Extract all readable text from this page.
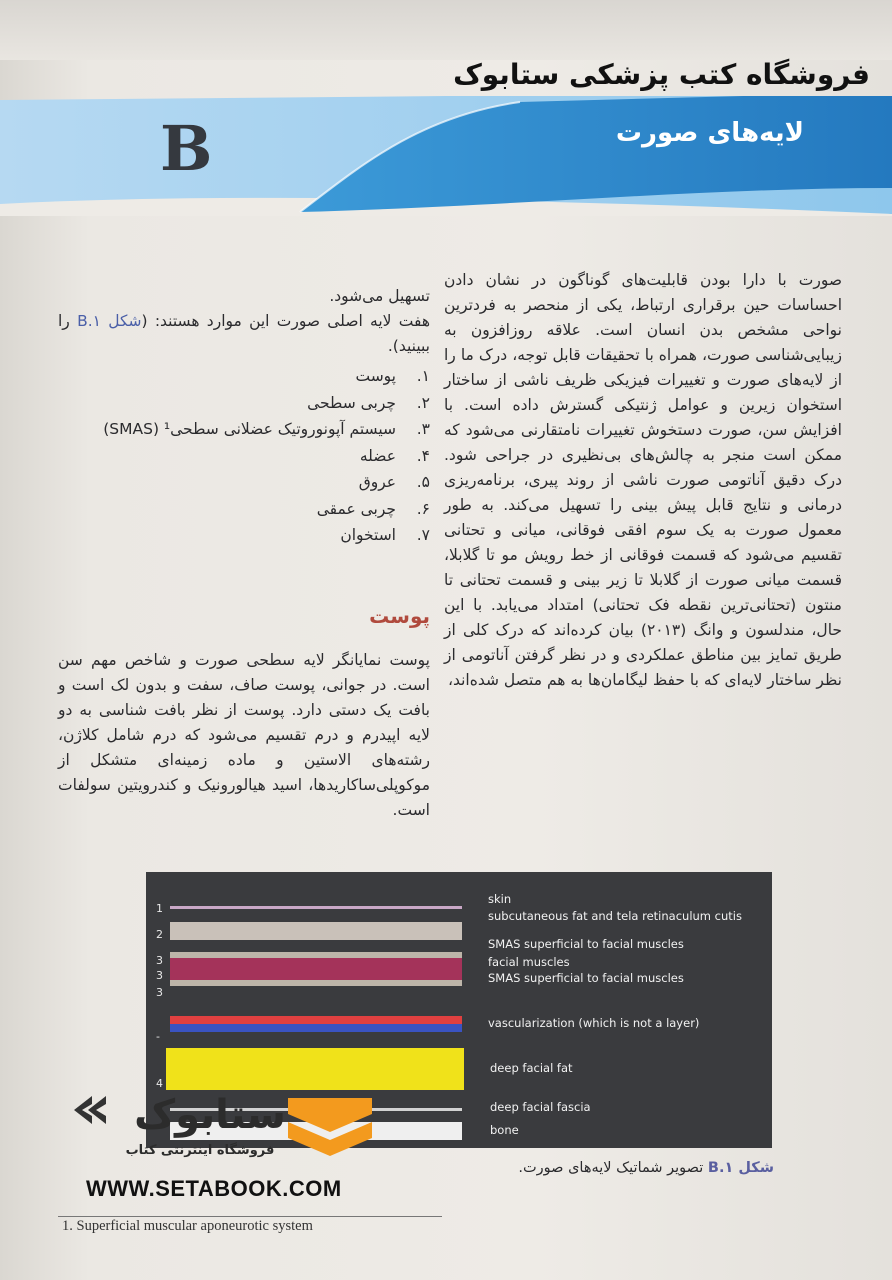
فروشگاه کتب پزشکی ستابوک
لایه‌های صورت
B
صورت با دارا بودن قابلیت‌های گوناگون در نشان دادن احساسات حین برقراری ارتباط، یکی از منحصر به فردترین نواحی مشخص بدن انسان است. علاقه روزافزون به زیبایی‌شناسی صورت، همراه با تحقیقات قابل توجه، درک ما را از لایه‌های صورت و تغییرات فیزیکی ظریف ناشی از ساختار استخوان زیرین و عوامل ژنتیکی گسترش داده است. با افزایش سن، صورت دستخوش تغییرات نامتقارنی می‌شود که ممکن است منجر به چالش‌های بی‌نظیری در جراحی شود. درک دقیق آناتومی صورت ناشی از روند پیری، برنامه‌ریزی درمانی و نتایج قابل پیش بینی را تسهیل می‌کند. به طور معمول صورت به یک سوم افقی فوقانی، میانی و تحتانی تقسیم می‌شود که قسمت فوقانی از خط رویش مو تا گلابلا، قسمت میانی صورت از گلابلا تا زیر بینی و قسمت تحتانی تا منتون (تحتانی‌ترین نقطه فک تحتانی) امتداد می‌یابد. با این حال، مندلسون و وانگ (۲۰۱۳) بیان کرده‌اند که درک کلی از طریق تمایز بین مناطق عملکردی و در نظر گرفتن آناتومی از نظر ساختار لایه‌ای که با حفظ لیگامان‌ها به هم متصل شده‌اند،
تسهیل می‌شود.
هفت لایه اصلی صورت این موارد هستند: (شکل B.۱ را ببینید).
۱.
پوست
۲.
چربی سطحی
۳.
سیستم آپونوروتیک عضلانی سطحی¹ (SMAS)
۴.
عضله
۵.
عروق
۶.
چربی عمقی
۷.
استخوان
پوست
پوست نمایانگر لایه سطحی صورت و شاخص مهم سن است. در جوانی، پوست صاف، سفت و بدون لک است و بافت یک دستی دارد. پوست از نظر بافت شناسی به دو لایه اپیدرم و درم تقسیم می‌شود که درم شامل کلاژن، رشته‌های الاستین و ماده زمینه‌ای متشکل از موکوپلی‌ساکاریدها، اسید هیالورونیک و کندرویتین سولفات است.
1
2
3
3
3
-
4
skin
subcutaneous fat and tela retinaculum cutis
SMAS superficial to facial muscles
facial muscles
SMAS superficial to facial muscles
vascularization (which is not a layer)
deep facial fat
deep facial fascia
bone
شکل B.۱ تصویر شماتیک لایه‌های صورت.
ستابوک
فروشگاه اینترنتی کتاب
WWW.SETABOOK.COM
1. Superficial muscular aponeurotic system
